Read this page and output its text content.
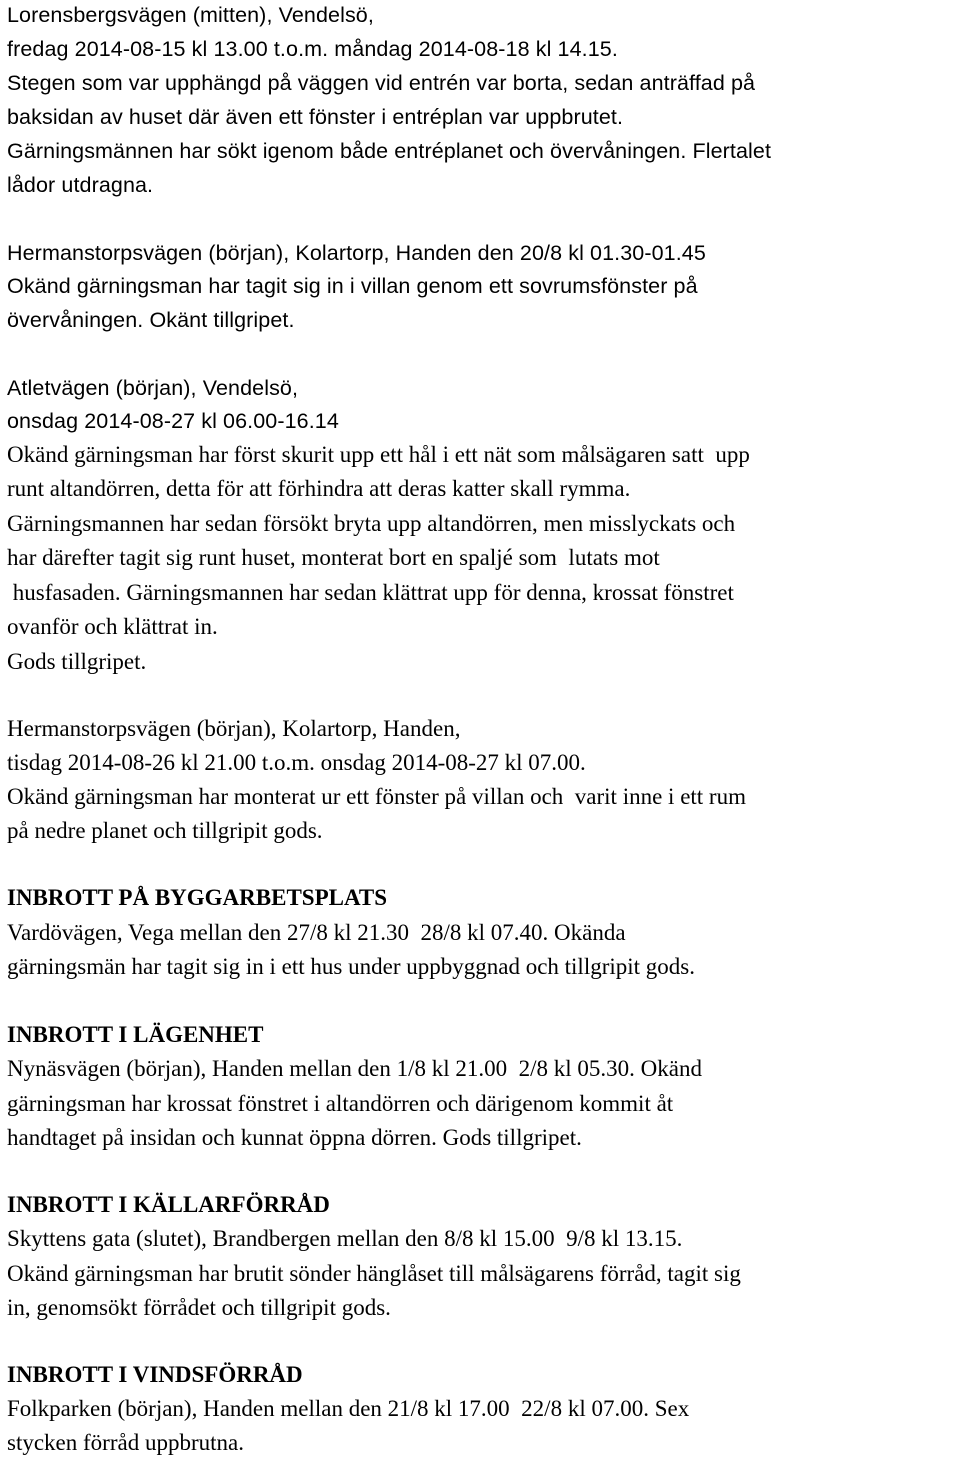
Lorensbergsvägen (mitten), Vendelsö,
fredag 2014-08-15 kl 13.00 t.o.m. måndag 2014-08-18 kl 14.15.
Stegen som var upphängd på väggen vid entrén var borta, sedan anträffad på
baksidan av huset där även ett fönster i entréplan var uppbrutet.
Gärningsmännen har sökt igenom både entréplanet och övervåningen. Flertalet
lådor utdragna.
Hermanstorpsvägen (början), Kolartorp, Handen den 20/8 kl 01.30-01.45
Okänd gärningsman har tagit sig in i villan genom ett sovrumsfönster på
övervåningen. Okänt tillgripet.
Atletvägen (början), Vendelsö,
onsdag 2014-08-27 kl 06.00-16.14
Okänd gärningsman har först skurit upp ett hål i ett nät som målsägaren satt  upp
runt altandörren, detta för att förhindra att deras katter skall rymma.
Gärningsmannen har sedan försökt bryta upp altandörren, men misslyckats och
har därefter tagit sig runt huset, monterat bort en spaljé som  lutats mot
husfasaden. Gärningsmannen har sedan klättrat upp för denna, krossat fönstret
ovanför och klättrat in.
Gods tillgripet.
Hermanstorpsvägen (början), Kolartorp, Handen,
tisdag 2014-08-26 kl 21.00 t.o.m. onsdag 2014-08-27 kl 07.00.
Okänd gärningsman har monterat ur ett fönster på villan och  varit inne i ett rum
på nedre planet och tillgripit gods.
INBROTT PÅ BYGGARBETSPLATS
Vardövägen, Vega mellan den 27/8 kl 21.30  28/8 kl 07.40. Okända
gärningsmän har tagit sig in i ett hus under uppbyggnad och tillgripit gods.
INBROTT I LÄGENHET
Nynäsvägen (början), Handen mellan den 1/8 kl 21.00  2/8 kl 05.30. Okänd
gärningsman har krossat fönstret i altandörren och därigenom kommit åt
handtaget på insidan och kunnat öppna dörren. Gods tillgripet.
INBROTT I KÄLLARFÖRRÅD
Skyttens gata (slutet), Brandbergen mellan den 8/8 kl 15.00  9/8 kl 13.15.
Okänd gärningsman har brutit sönder hänglåset till målsägarens förråd, tagit sig
in, genomsökt förrådet och tillgripit gods.
INBROTT I VINDSFÖRRÅD
Folkparken (början), Handen mellan den 21/8 kl 17.00  22/8 kl 07.00. Sex
stycken förråd uppbrutna.
